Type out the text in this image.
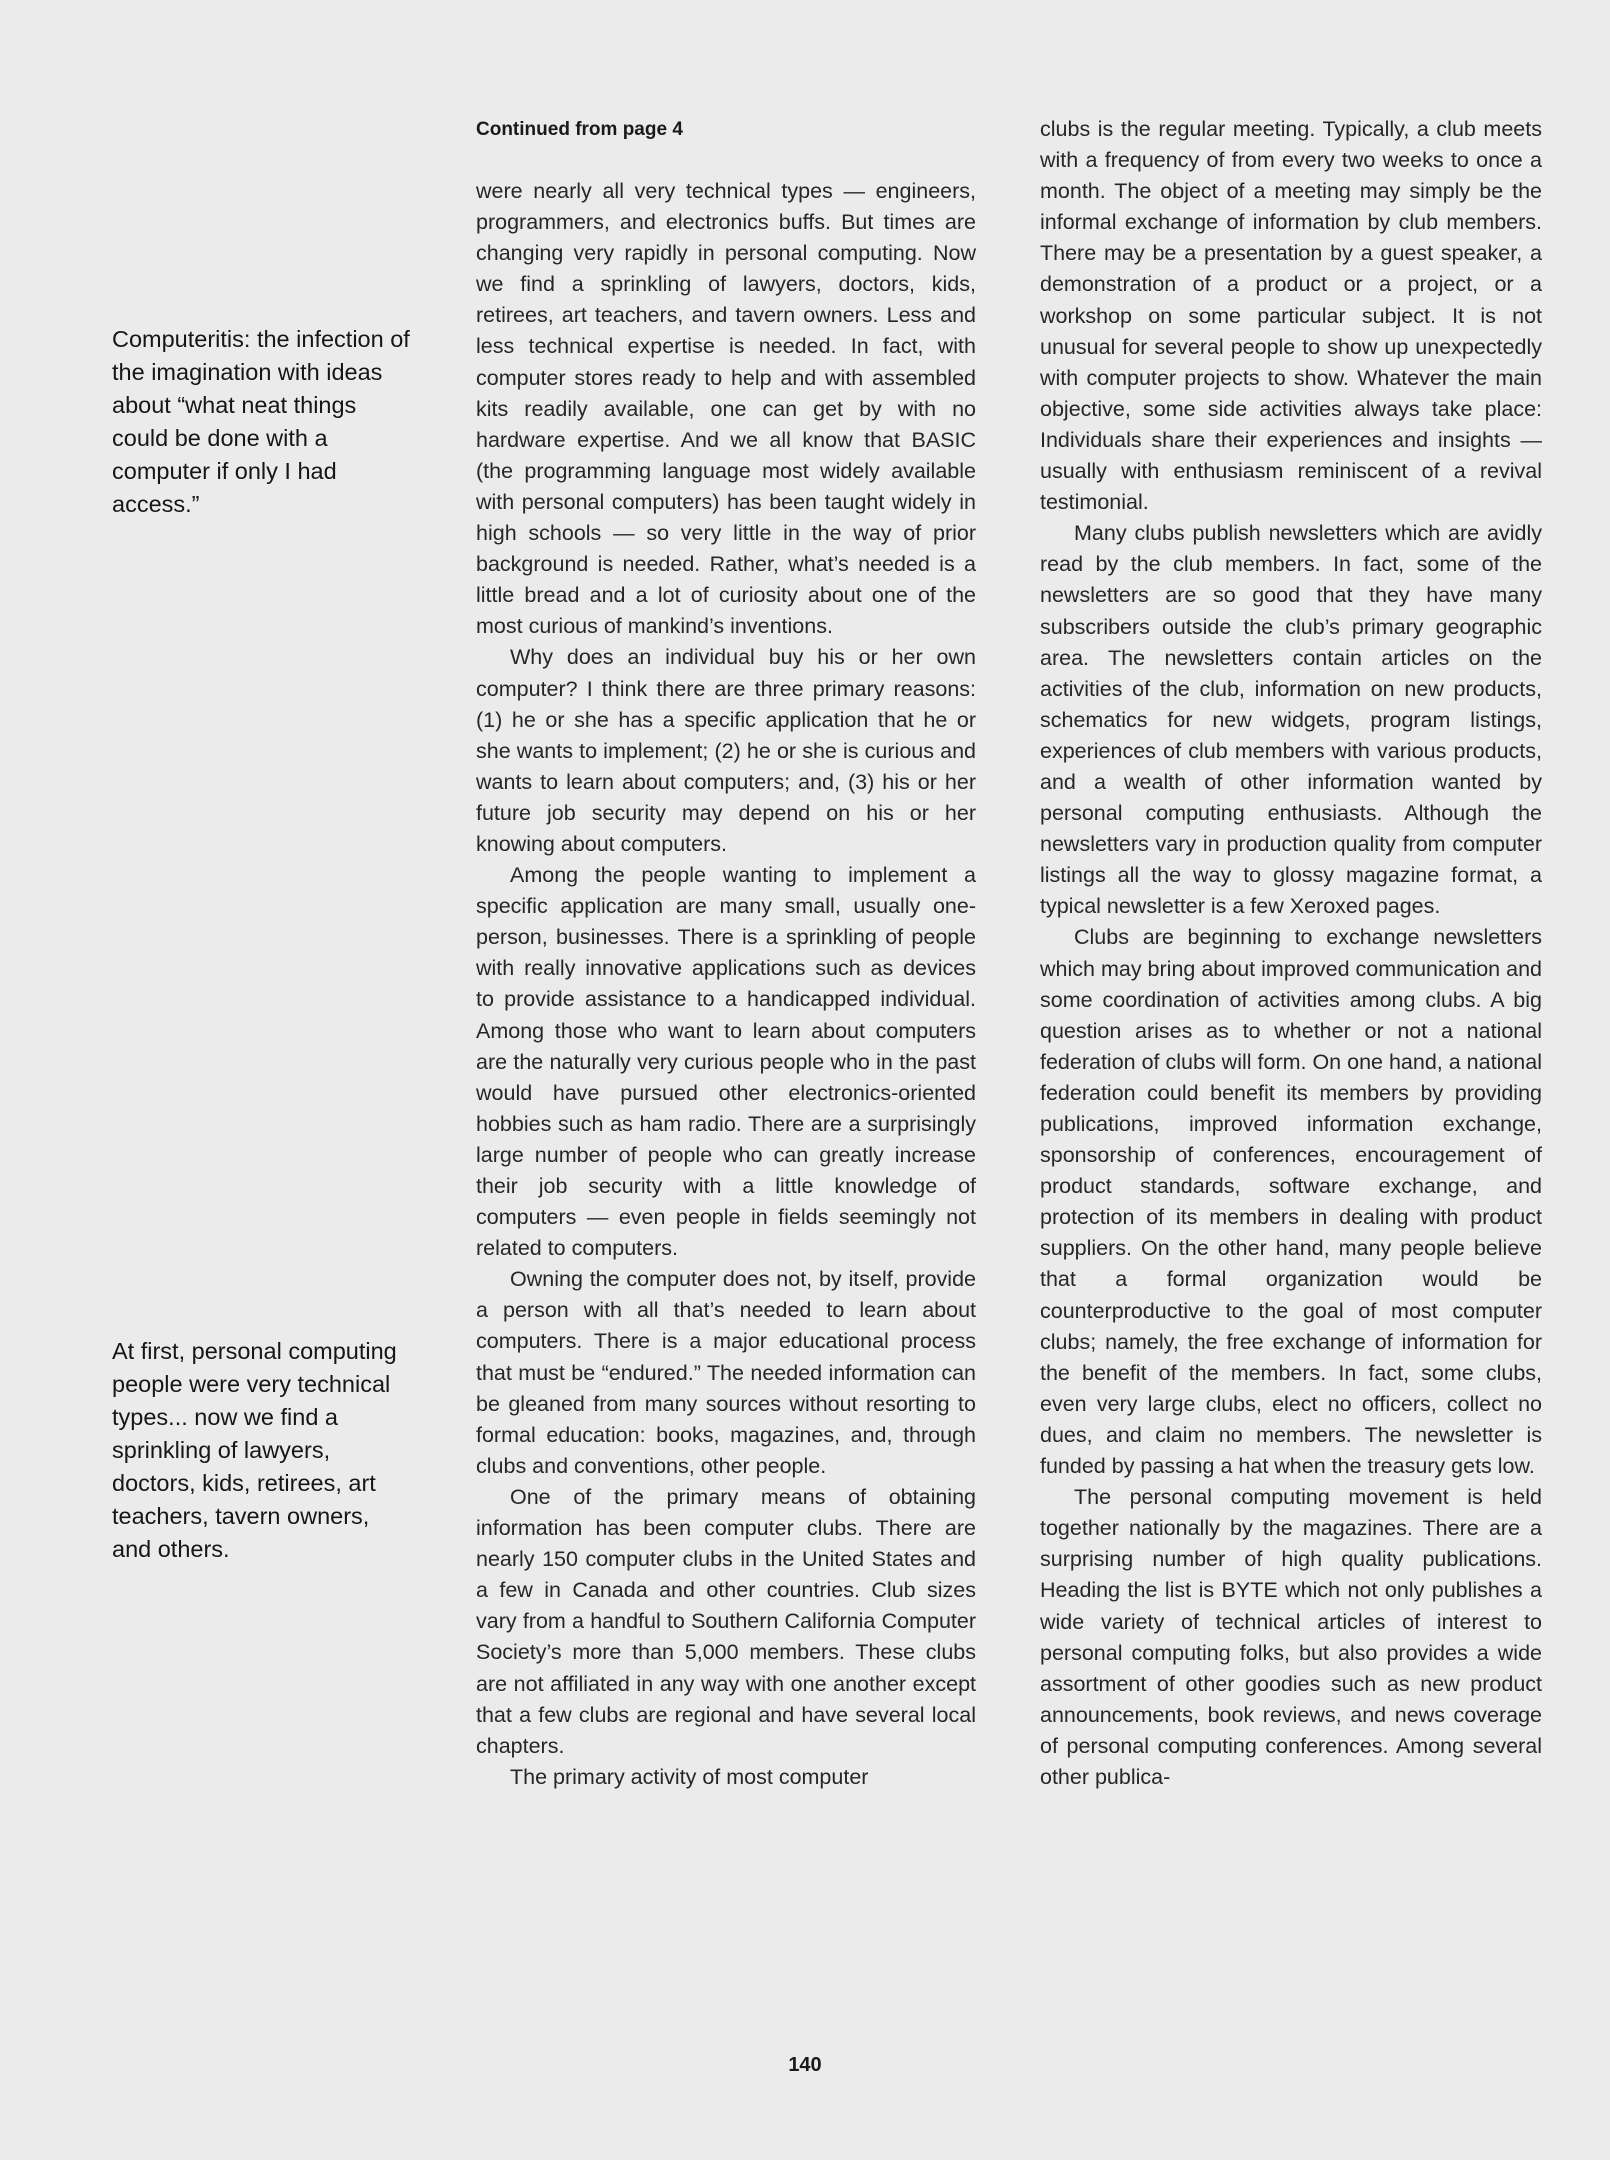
Computeritis: the infection of the imagination with ideas about “what neat things could be done with a computer if only I had access.”
At first, personal computing people were very technical types... now we find a sprinkling of lawyers, doctors, kids, retirees, art teachers, tavern owners, and others.
Continued from page 4

were nearly all very technical types — engineers, programmers, and electronics buffs. But times are changing very rapidly in personal computing. Now we find a sprinkling of lawyers, doctors, kids, retirees, art teachers, and tavern owners. Less and less technical expertise is needed. In fact, with computer stores ready to help and with assembled kits readily available, one can get by with no hardware expertise. And we all know that BASIC (the programming language most widely available with personal computers) has been taught widely in high schools — so very little in the way of prior background is needed. Rather, what’s needed is a little bread and a lot of curiosity about one of the most curious of mankind’s inventions.

Why does an individual buy his or her own computer? I think there are three primary reasons: (1) he or she has a specific application that he or she wants to implement; (2) he or she is curious and wants to learn about computers; and, (3) his or her future job security may depend on his or her knowing about computers.

Among the people wanting to implement a specific application are many small, usually one-person, businesses. There is a sprinkling of people with really innovative applications such as devices to provide assistance to a handicapped individual. Among those who want to learn about computers are the naturally very curious people who in the past would have pursued other electronics-oriented hobbies such as ham radio. There are a surprisingly large number of people who can greatly increase their job security with a little knowledge of computers — even people in fields seemingly not related to computers.

Owning the computer does not, by itself, provide a person with all that’s needed to learn about computers. There is a major educational process that must be “endured.” The needed information can be gleaned from many sources without resorting to formal education: books, magazines, and, through clubs and conventions, other people.

One of the primary means of obtaining information has been computer clubs. There are nearly 150 computer clubs in the United States and a few in Canada and other countries. Club sizes vary from a handful to Southern California Computer Society’s more than 5,000 members. These clubs are not affiliated in any way with one another except that a few clubs are regional and have several local chapters.

The primary activity of most computer

clubs is the regular meeting. Typically, a club meets with a frequency of from every two weeks to once a month. The object of a meeting may simply be the informal exchange of information by club members. There may be a presentation by a guest speaker, a demonstration of a product or a project, or a workshop on some particular subject. It is not unusual for several people to show up unexpectedly with computer projects to show. Whatever the main objective, some side activities always take place: Individuals share their experiences and insights — usually with enthusiasm reminiscent of a revival testimonial.

Many clubs publish newsletters which are avidly read by the club members. In fact, some of the newsletters are so good that they have many subscribers outside the club’s primary geographic area. The newsletters contain articles on the activities of the club, information on new products, schematics for new widgets, program listings, experiences of club members with various products, and a wealth of other information wanted by personal computing enthusiasts. Although the newsletters vary in production quality from computer listings all the way to glossy magazine format, a typical newsletter is a few Xeroxed pages.

Clubs are beginning to exchange newsletters which may bring about improved communication and some coordination of activities among clubs. A big question arises as to whether or not a national federation of clubs will form. On one hand, a national federation could benefit its members by providing publications, improved information exchange, sponsorship of conferences, encouragement of product standards, software exchange, and protection of its members in dealing with product suppliers. On the other hand, many people believe that a formal organization would be counterproductive to the goal of most computer clubs; namely, the free exchange of information for the benefit of the members. In fact, some clubs, even very large clubs, elect no officers, collect no dues, and claim no members. The newsletter is funded by passing a hat when the treasury gets low.

The personal computing movement is held together nationally by the magazines. There are a surprising number of high quality publications. Heading the list is BYTE which not only publishes a wide variety of technical articles of interest to personal computing folks, but also provides a wide assortment of other goodies such as new product announcements, book reviews, and news coverage of personal computing conferences. Among several other publica-

140
